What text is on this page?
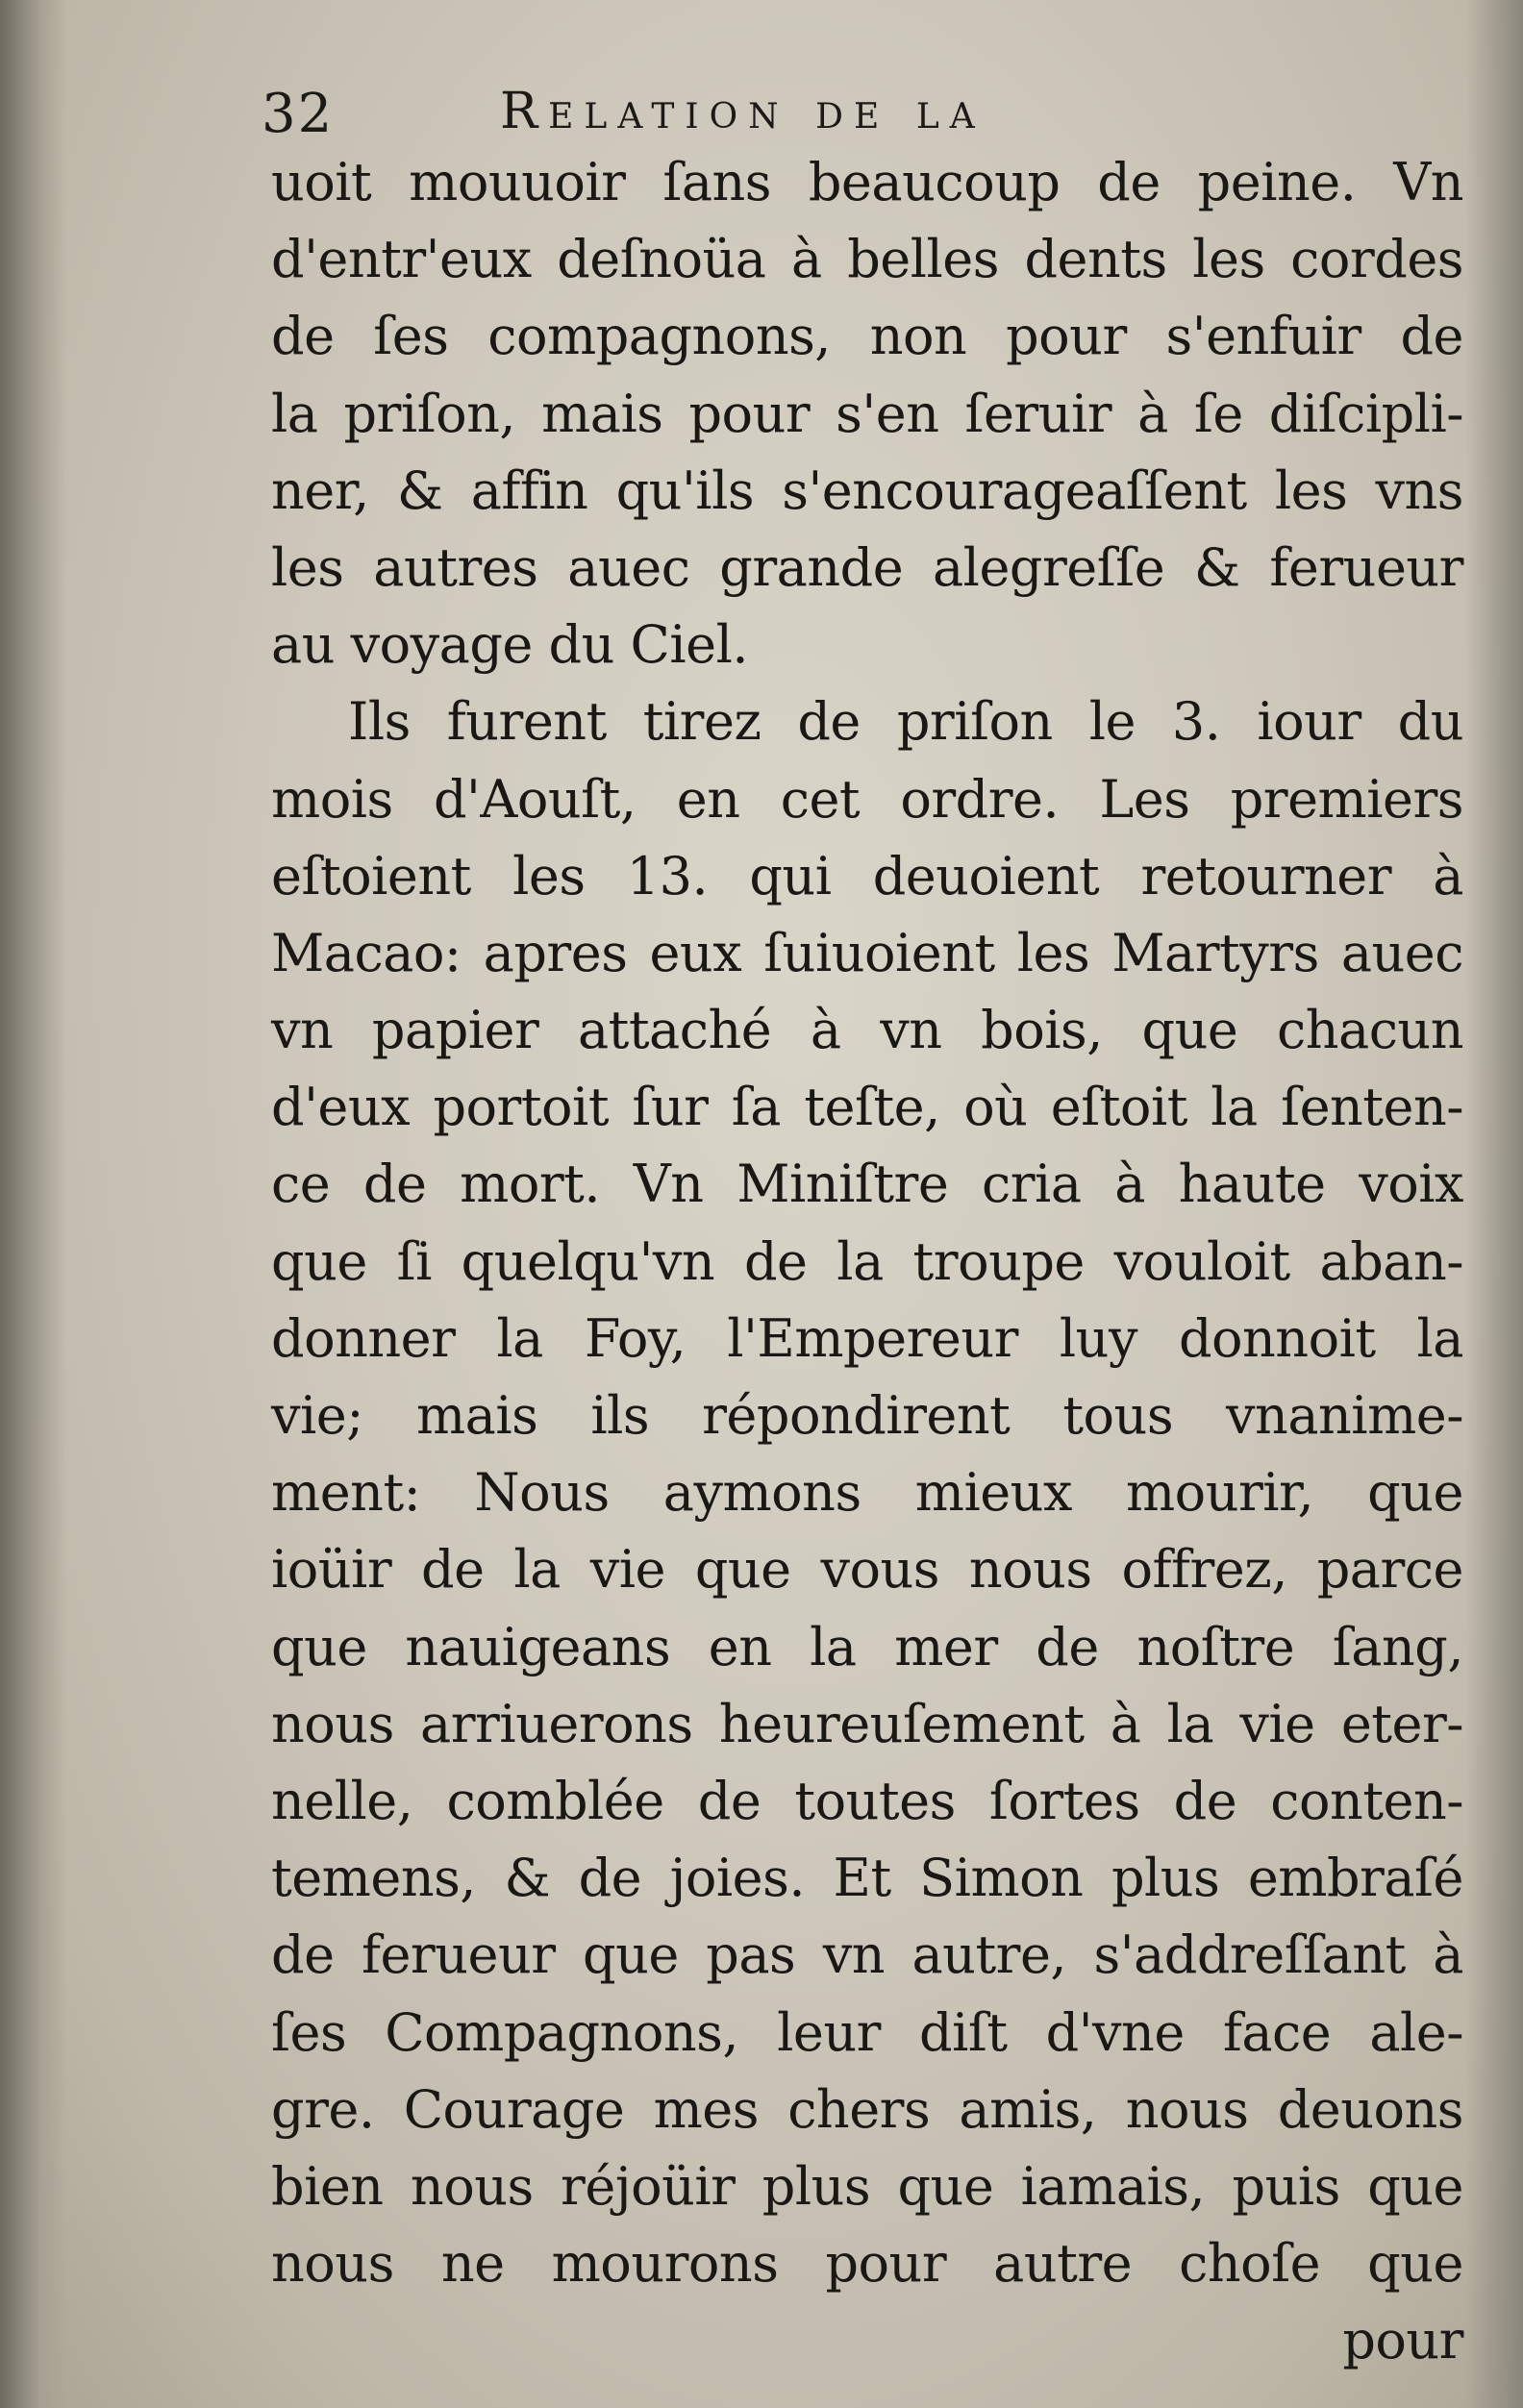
32	Relation de la
uoit mouuoir ſans beaucoup de peine. Vn
d'entr'eux deſnoüa à belles dents les cordes
de ſes compagnons, non pour s'enfuir de
la priſon, mais pour s'en ſeruir à ſe diſcipli-
ner, & affin qu'ils s'encourageaſſent les vns
les autres auec grande alegreſſe & ferueur
au voyage du Ciel.
Ils furent tirez de priſon le 3. iour du
mois d'Aouſt, en cet ordre. Les premiers
eſtoient les 13. qui deuoient retourner à
Macao: apres eux ſuiuoient les Martyrs auec
vn papier attaché à vn bois, que chacun
d'eux portoit ſur ſa teſte, où eſtoit la ſenten-
ce de mort. Vn Miniſtre cria à haute voix
que ſi quelqu'vn de la troupe vouloit aban-
donner la Foy, l'Empereur luy donnoit la
vie; mais ils répondirent tous vnanime-
ment: Nous aymons mieux mourir, que
ioüir de la vie que vous nous offrez, parce
que nauigeans en la mer de noſtre ſang,
nous arriuerons heureuſement à la vie eter-
nelle, comblée de toutes ſortes de conten-
temens, & de joies. Et Simon plus embraſé
de ferueur que pas vn autre, s'addreſſant à
ſes Compagnons, leur diſt d'vne face ale-
gre. Courage mes chers amis, nous deuons
bien nous réjoüir plus que iamais, puis que
nous ne mourons pour autre choſe que
pour
